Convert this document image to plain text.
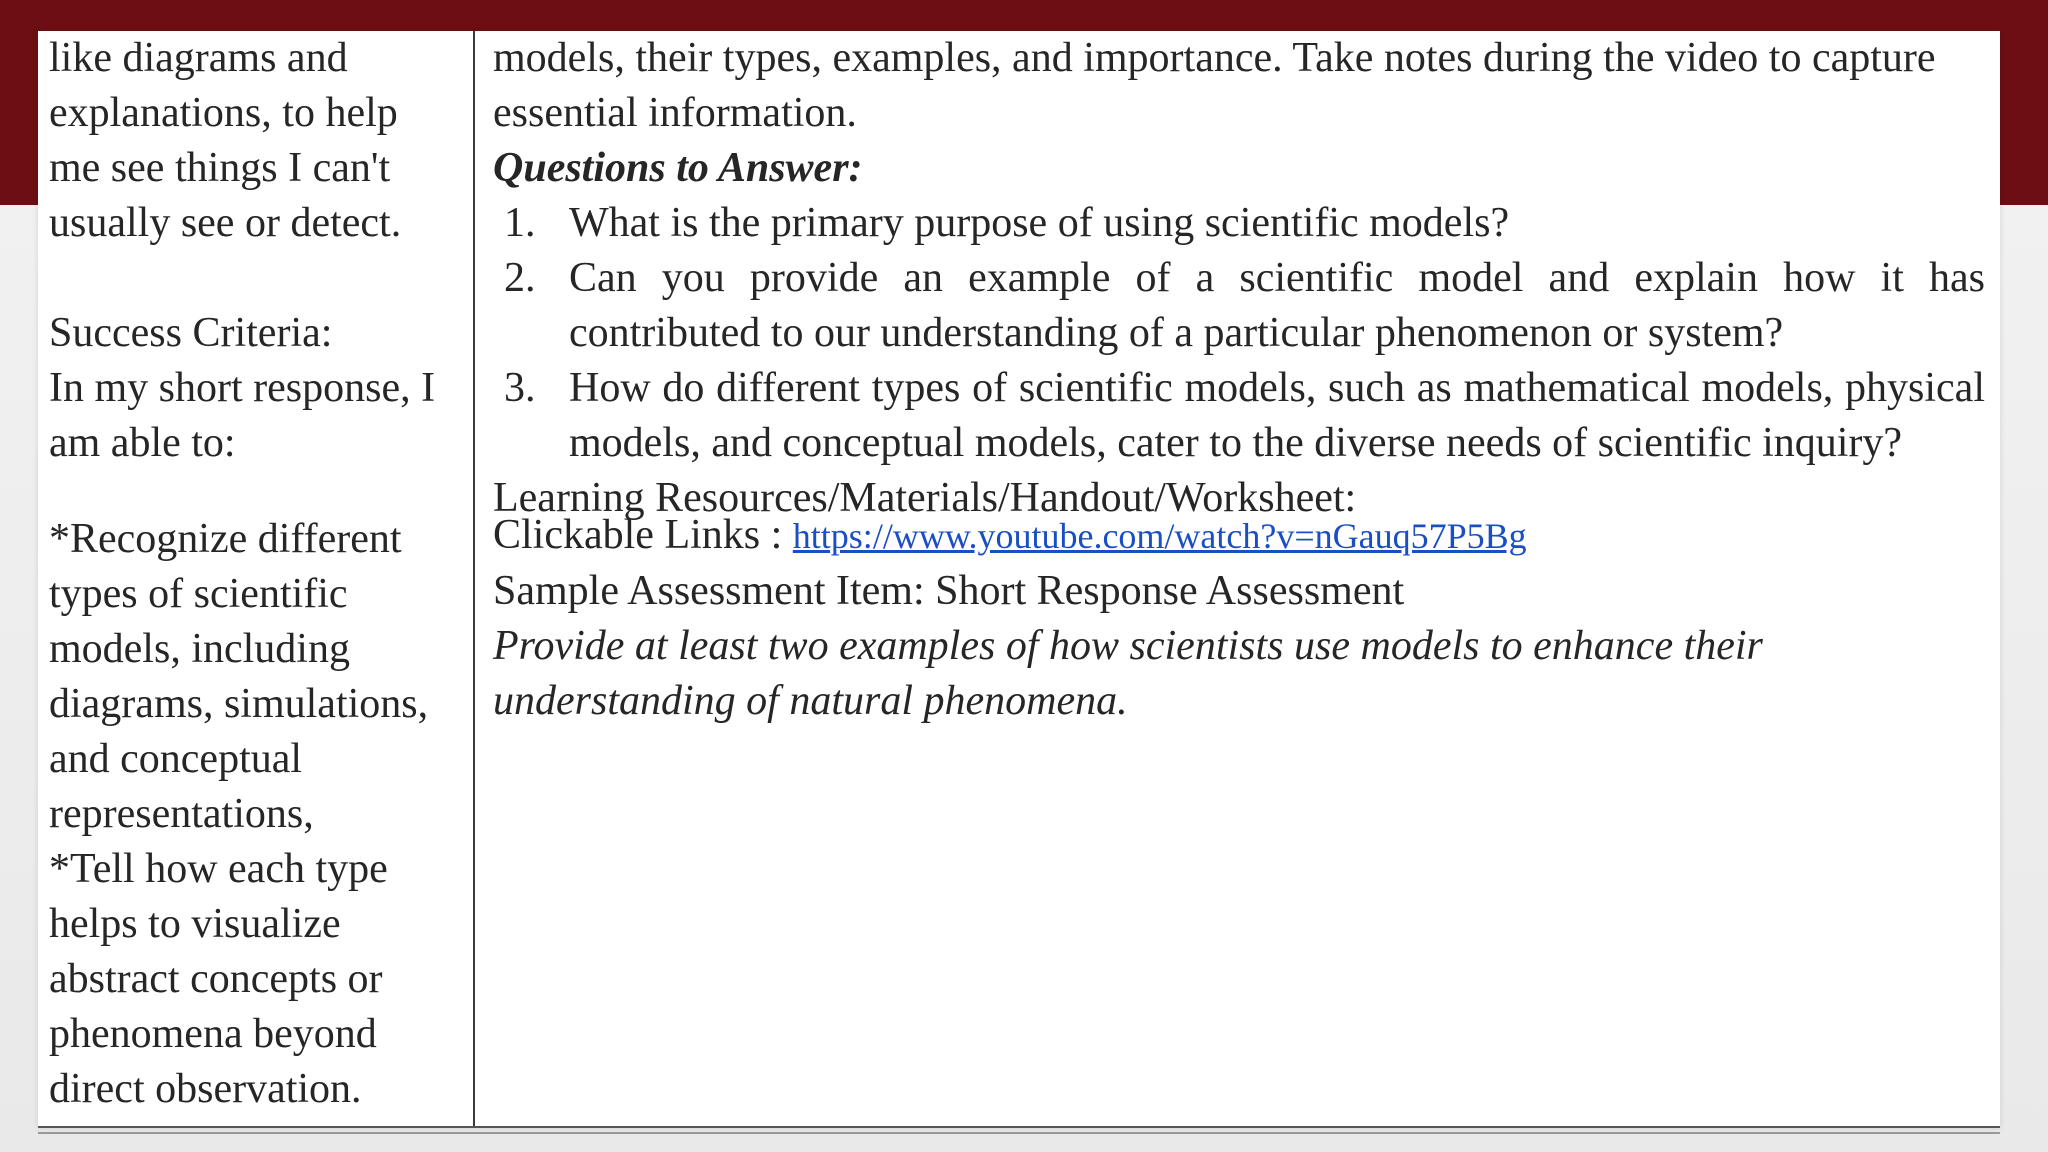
like diagrams and
explanations, to help
me see things I can't
usually see or detect.
Success Criteria:
In my short response, I
am able to:
*Recognize different
types of scientific
models, including
diagrams, simulations,
and conceptual
representations,
*Tell how each type
helps to visualize
abstract concepts or
phenomena beyond
direct observation.
models, their types, examples, and importance. Take notes during the video to capture
essential information.
Questions to Answer:
1. What is the primary purpose of using scientific models?
2. Can you provide an example of a scientific model and explain how it has contributed to our understanding of a particular phenomenon or system?
3. How do different types of scientific models, such as mathematical models, physical models, and conceptual models, cater to the diverse needs of scientific inquiry?
Learning Resources/Materials/Handout/Worksheet:
Clickable Links : https://www.youtube.com/watch?v=nGauq57P5Bg
Sample Assessment Item: Short Response Assessment
Provide at least two examples of how scientists use models to enhance their
understanding of natural phenomena.
